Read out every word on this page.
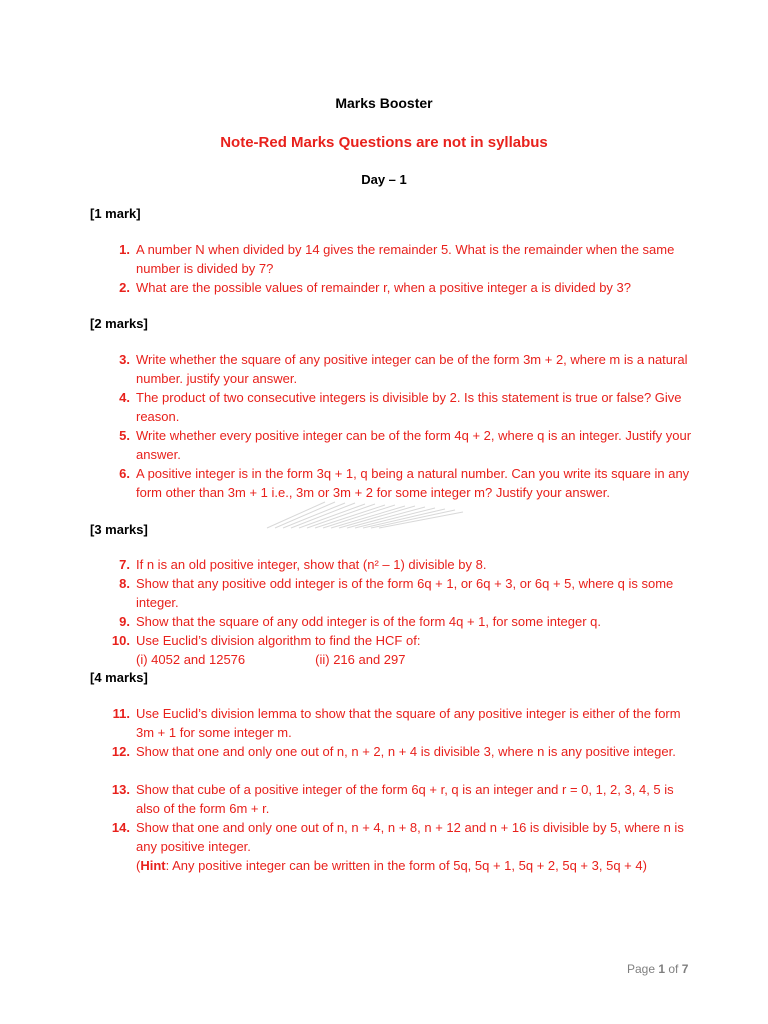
Marks Booster
Note-Red Marks Questions are not in syllabus
Day – 1
[1 mark]
1. A number N when divided by 14 gives the remainder 5. What is the remainder when the same number is divided by 7?
2. What are the possible values of remainder r, when a positive integer a is divided by 3?
[2 marks]
3. Write whether the square of any positive integer can be of the form 3m + 2, where m is a natural number. justify your answer.
4. The product of two consecutive integers is divisible by 2. Is this statement is true or false? Give reason.
5. Write whether every positive integer can be of the form 4q + 2, where q is an integer. Justify your answer.
6. A positive integer is in the form 3q + 1, q being a natural number. Can you write its square in any form other than 3m + 1 i.e., 3m or 3m + 2 for some integer m? Justify your answer.
[3 marks]
7. If n is an old positive integer, show that (n² – 1) divisible by 8.
8. Show that any positive odd integer is of the form 6q + 1, or 6q + 3, or 6q + 5, where q is some integer.
9. Show that the square of any odd integer is of the form 4q + 1, for some integer q.
10. Use Euclid’s division algorithm to find the HCF of:
(i) 4052 and 12576	(ii) 216 and 297
[4 marks]
11. Use Euclid’s division lemma to show that the square of any positive integer is either of the form 3m + 1 for some integer m.
12. Show that one and only one out of n, n + 2, n + 4 is divisible 3, where n is any positive integer.
13. Show that cube of a positive integer of the form 6q + r, q is an integer and r = 0, 1, 2, 3, 4, 5 is also of the form 6m + r.
14. Show that one and only one out of n, n + 4, n + 8, n + 12 and n + 16 is divisible by 5, where n is any positive integer.
(Hint: Any positive integer can be written in the form of 5q, 5q + 1, 5q + 2, 5q + 3, 5q + 4)
Page 1 of 7
